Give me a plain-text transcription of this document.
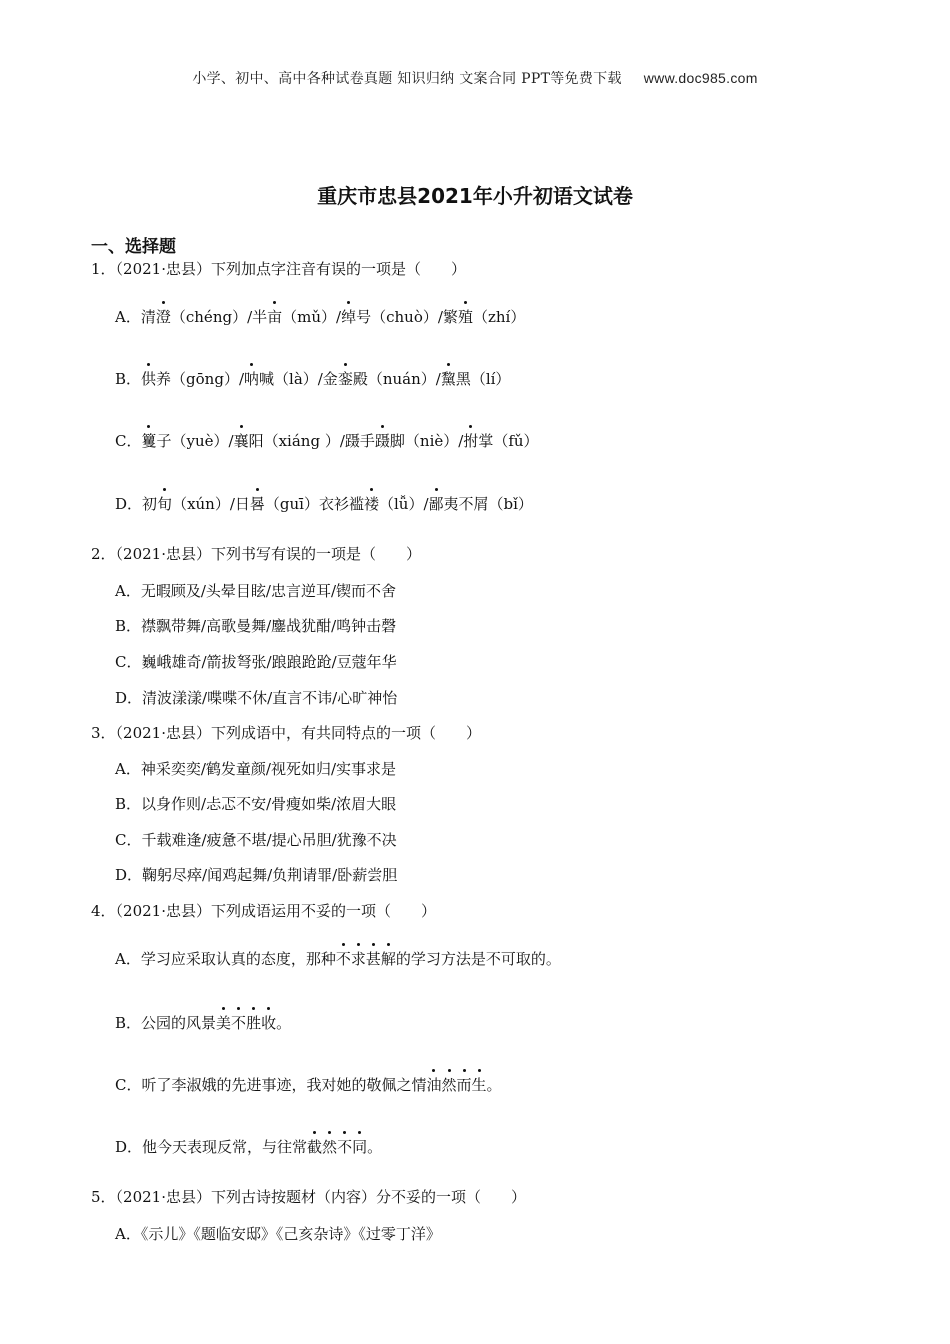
小学、初中、高中各种试卷真题 知识归纳 文案合同 PPT等免费下载 www.doc985.com
重庆市忠县2021年小升初语文试卷
一、选择题
1．（2021·忠县）下列加点字注音有误的一项是（　　）
A．清澄（chéng）/半亩（mǔ）/绰号（chuò）/繁殖（zhí）
B．供养（gōng）/呐喊（là）/金銮殿（nuán）/黧黑（lí）
C．籰子（yuè）/襄阳（xiáng ）/蹑手蹑脚（niè）/拊掌（fǔ）
D．初旬（xún）/日晷（guī）衣衫褴褛（lǚ）/鄙夷不屑（bǐ）
2．（2021·忠县）下列书写有误的一项是（　　）
A．无暇顾及/头晕目眩/忠言逆耳/锲而不舍
B．襟飘带舞/高歌曼舞/鏖战犹酣/鸣钟击磬
C．巍峨雄奇/箭拔弩张/踉踉跄跄/豆蔻年华
D．清波漾漾/喋喋不休/直言不讳/心旷神怡
3．（2021·忠县）下列成语中，有共同特点的一项（　　）
A．神采奕奕/鹤发童颜/视死如归/实事求是
B．以身作则/忐忑不安/骨瘦如柴/浓眉大眼
C．千载难逢/疲惫不堪/提心吊胆/犹豫不决
D．鞠躬尽瘁/闻鸡起舞/负荆请罪/卧薪尝胆
4．（2021·忠县）下列成语运用不妥的一项（　　）
A．学习应采取认真的态度，那种不求甚解的学习方法是不可取的。
B．公园的风景美不胜收。
C．听了李淑娥的先进事迹，我对她的敬佩之情油然而生。
D．他今天表现反常，与往常截然不同。
5．（2021·忠县）下列古诗按题材（内容）分不妥的一项（　　）
A．《示儿》《题临安邸》《己亥杂诗》《过零丁洋》
